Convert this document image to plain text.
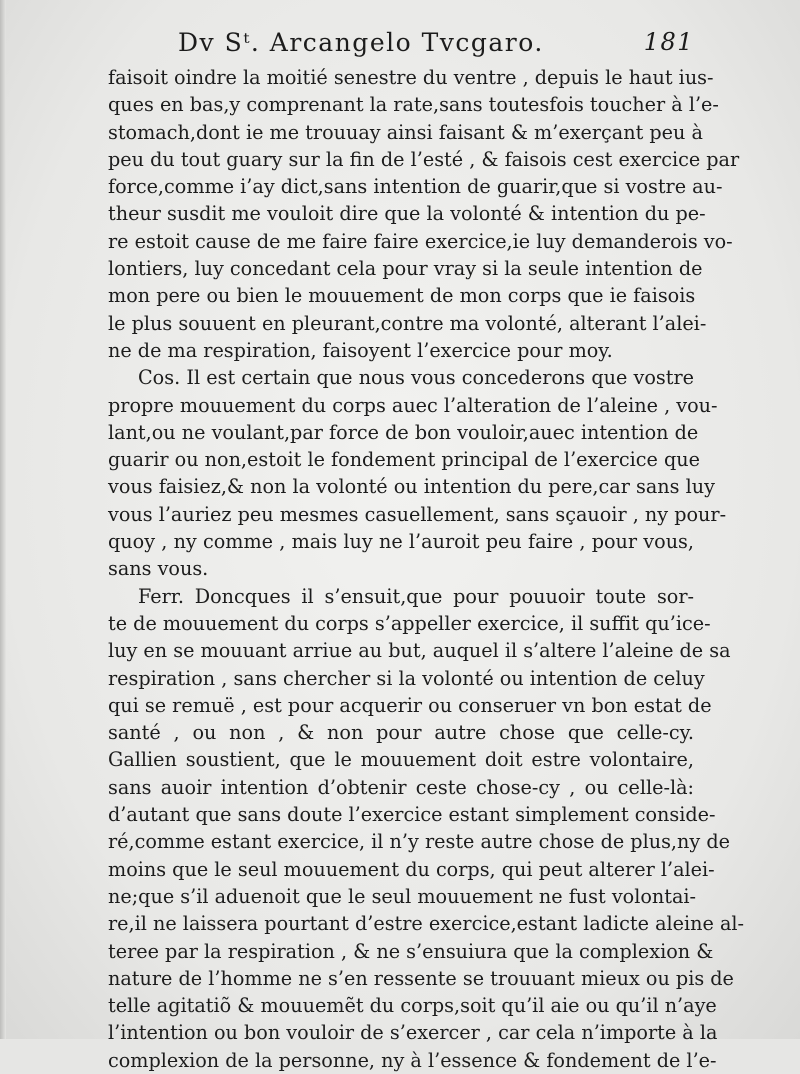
Dv Sᵗ. Arcangelo Tvcgaro.	181
faisoit oindre la moitié senestre du ventre , depuis le haut ius-
ques en bas,y comprenant la rate,sans toutesfois toucher à l’e-
stomach,dont ie me trouuay ainsi faisant & m’exerçant peu à
peu du tout guary sur la fin de l’esté , & faisois cest exercice par
force,comme i’ay dict,sans intention de guarir,que si vostre au-
theur susdit me vouloit dire que la volonté & intention du pe-
re estoit cause de me faire faire exercice,ie luy demanderois vo-
lontiers, luy concedant cela pour vray si la seule intention de
mon pere ou bien le mouuement de mon corps que ie faisois
le plus souuent en pleurant,contre ma volonté, alterant l’alei-
ne de ma respiration, faisoyent l’exercice pour moy.
Cos. Il est certain que nous vous concederons que vostre
propre mouuement du corps auec l’alteration de l’aleine , vou-
lant,ou ne voulant,par force de bon vouloir,auec intention de
guarir ou non,estoit le fondement principal de l’exercice que
vous faisiez,& non la volonté ou intention du pere,car sans luy
vous l’auriez peu mesmes casuellement, sans sçauoir , ny pour-
quoy , ny comme , mais luy ne l’auroit peu faire , pour vous,
sans vous.
Ferr. Doncques il s’ensuit,que pour pouuoir toute sor-
te de mouuement du corps s’appeller exercice, il suffit qu’ice-
luy en se mouuant arriue au but, auquel il s’altere l’aleine de sa
respiration , sans chercher si la volonté ou intention de celuy
qui se remuë , est pour acquerir ou conseruer vn bon estat de
santé , ou non , & non pour autre chose que celle-cy.
Gallien soustient, que le mouuement doit estre volontaire,
sans auoir intention d’obtenir ceste chose-cy , ou celle-là:
d’autant que sans doute l’exercice estant simplement conside-
ré,comme estant exercice, il n’y reste autre chose de plus,ny de
moins que le seul mouuement du corps, qui peut alterer l’alei-
ne;que s’il aduenoit que le seul mouuement ne fust volontai-
re,il ne laissera pourtant d’estre exercice,estant ladicte aleine al-
teree par la respiration , & ne s’ensuiura que la complexion &
nature de l’homme ne s’en ressente se trouuant mieux ou pis de
telle agitatiõ & mouuemẽt du corps,soit qu’il aie ou qu’il n’aye
l’intention ou bon vouloir de s’exercer , car cela n’importe à la
complexion de la personne, ny à l’essence & fondement de l’e-
